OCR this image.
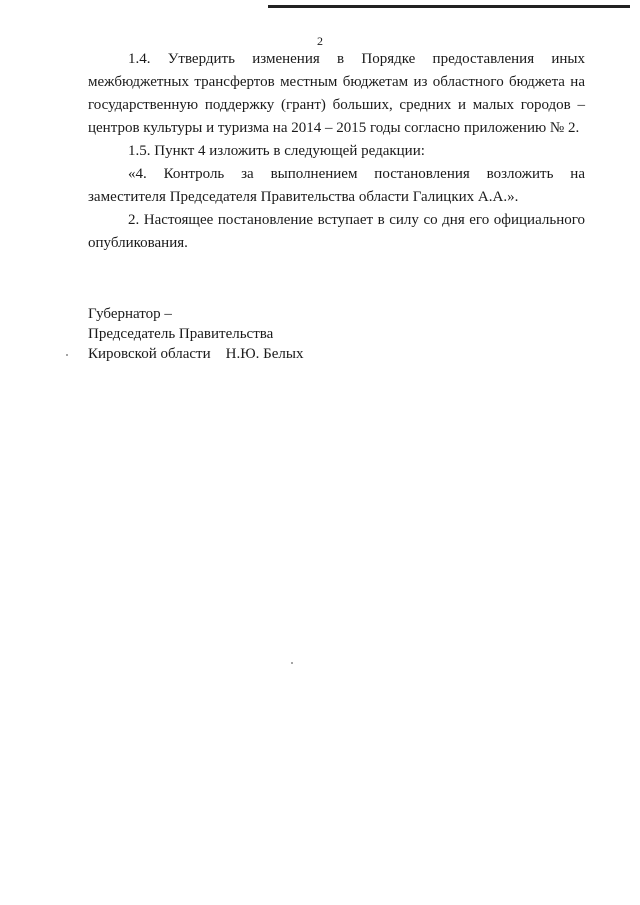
2

1.4. Утвердить изменения в Порядке предоставления иных межбюджетных трансфертов местным бюджетам из областного бюджета на государственную поддержку (грант) больших, средних и малых городов – центров культуры и туризма на 2014 – 2015 годы согласно приложению № 2.

1.5. Пункт 4 изложить в следующей редакции:

«4. Контроль за выполнением постановления возложить на заместителя Председателя Правительства области Галицких А.А.».

2. Настоящее постановление вступает в силу со дня его официального опубликования.

Губернатор –

Председатель Правительства

Кировской области Н.Ю. Белых
